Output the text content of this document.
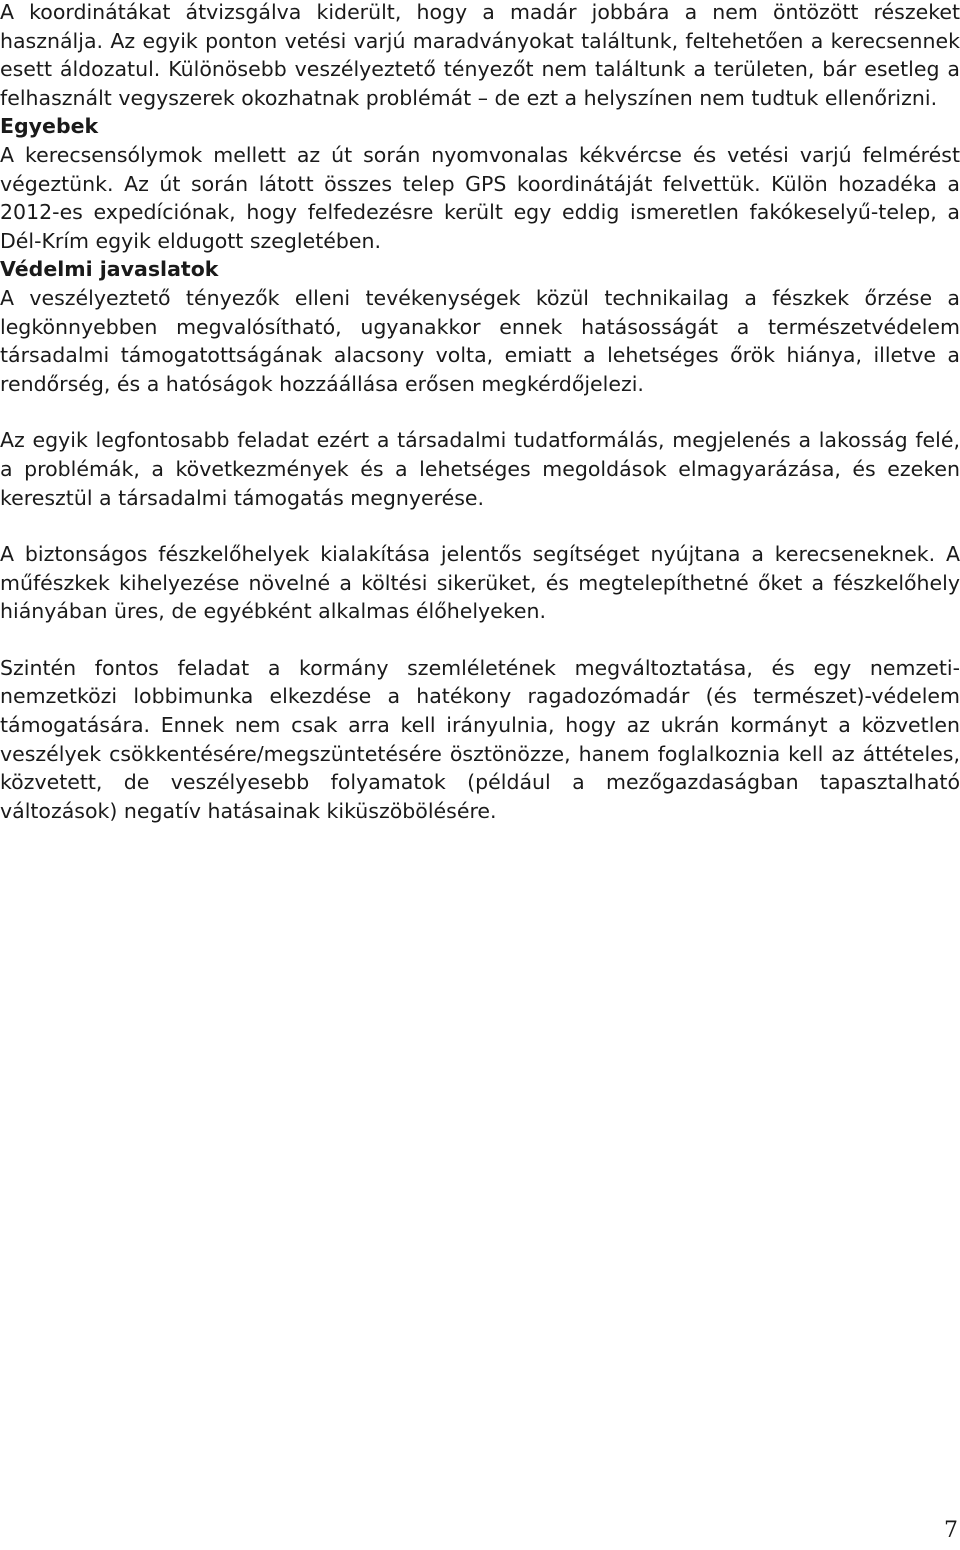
A koordinátákat átvizsgálva kiderült, hogy a madár jobbára a nem öntözött részeket használja. Az egyik ponton vetési varjú maradványokat találtunk, feltehetően a kerecsennek esett áldozatul. Különösebb veszélyeztető tényezőt nem találtunk a területen, bár esetleg a felhasznált vegyszerek okozhatnak problémát – de ezt a helyszínen nem tudtuk ellenőrizni.

Egyebek

A kerecsensólymok mellett az út során nyomvonalas kékvércse és vetési varjú felmérést végeztünk. Az út során látott összes telep GPS koordinátáját felvettük. Külön hozadéka a 2012-es expedíciónak, hogy felfedezésre került egy eddig ismeretlen fakókeselyű-telep, a Dél-Krím egyik eldugott szegletében.

Védelmi javaslatok

A veszélyeztető tényezők elleni tevékenységek közül technikailag a fészkek őrzése a legkönnyebben megvalósítható, ugyanakkor ennek hatásosságát a természetvédelem társadalmi támogatottságának alacsony volta, emiatt a lehetséges őrök hiánya, illetve a rendőrség, és a hatóságok hozzáállása erősen megkérdőjelezi.

Az egyik legfontosabb feladat ezért a társadalmi tudatformálás, megjelenés a lakosság felé, a problémák, a következmények és a lehetséges megoldások elmagyarázása, és ezeken keresztül a társadalmi támogatás megnyerése.

A biztonságos fészkelőhelyek kialakítása jelentős segítséget nyújtana a kerecseneknek. A műfészkek kihelyezése növelné a költési sikerüket, és megtelepíthetné őket a fészkelőhely hiányában üres, de egyébként alkalmas élőhelyeken.

Szintén fontos feladat a kormány szemléletének megváltoztatása, és egy nemzeti-nemzetközi lobbimunka elkezdése a hatékony ragadozómadár (és természet)-védelem támogatására. Ennek nem csak arra kell irányulnia, hogy az ukrán kormányt a közvetlen veszélyek csökkentésére/megszüntetésére ösztönözze, hanem foglalkoznia kell az áttételes, közvetett, de veszélyesebb folyamatok (például a mezőgazdaságban tapasztalható változások) negatív hatásainak kiküszöbölésére.

7
